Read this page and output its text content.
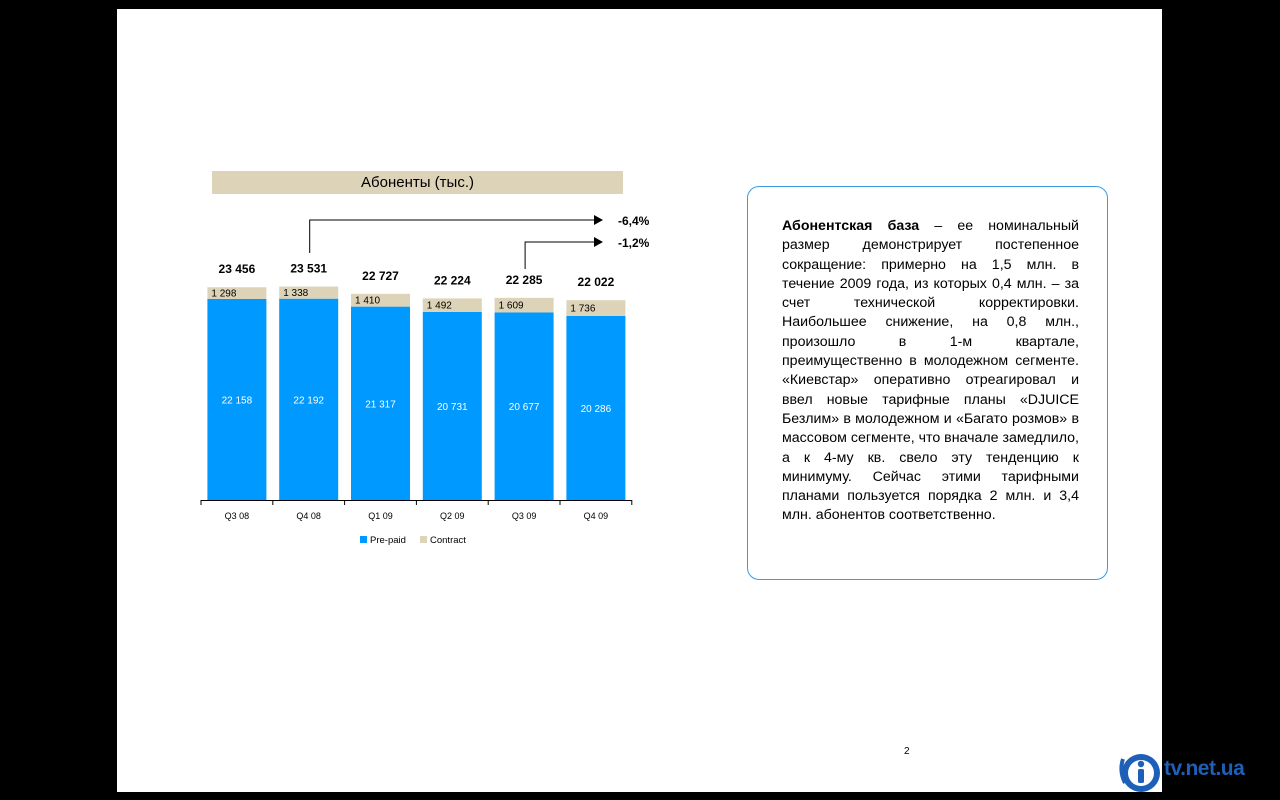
Абоненты (тыс.)
22 158
1 298
23 456
Q3 08
22 192
1 338
23 531
Q4 08
21 317
1 410
22 727
Q1 09
20 731
1 492
22 224
Q2 09
20 677
1 609
22 285
Q3 09
20 286
1 736
22 022
Q4 09
-6,4%
-1,2%
Pre-paid	Contract

Абонентская база – ее номинальный размер демонстрирует постепенное сокращение: примерно на 1,5 млн. в течение 2009 года, из которых 0,4 млн. – за счет технической корректировки. Наибольшее снижение, на 0,8 млн., произошло в 1-м квартале, преимущественно в молодежном сегменте. «Киевстар» оперативно отреагировал и ввел новые тарифные планы «DJUICE Безлим» в молодежном и «Багато розмов» в массовом сегменте, что вначале замедлило, а к 4-му кв. свело эту тенденцию к минимуму. Сейчас этими тарифными планами пользуется порядка 2 млн. и 3,4 млн. абонентов соответственно.

2
tv.net.ua
